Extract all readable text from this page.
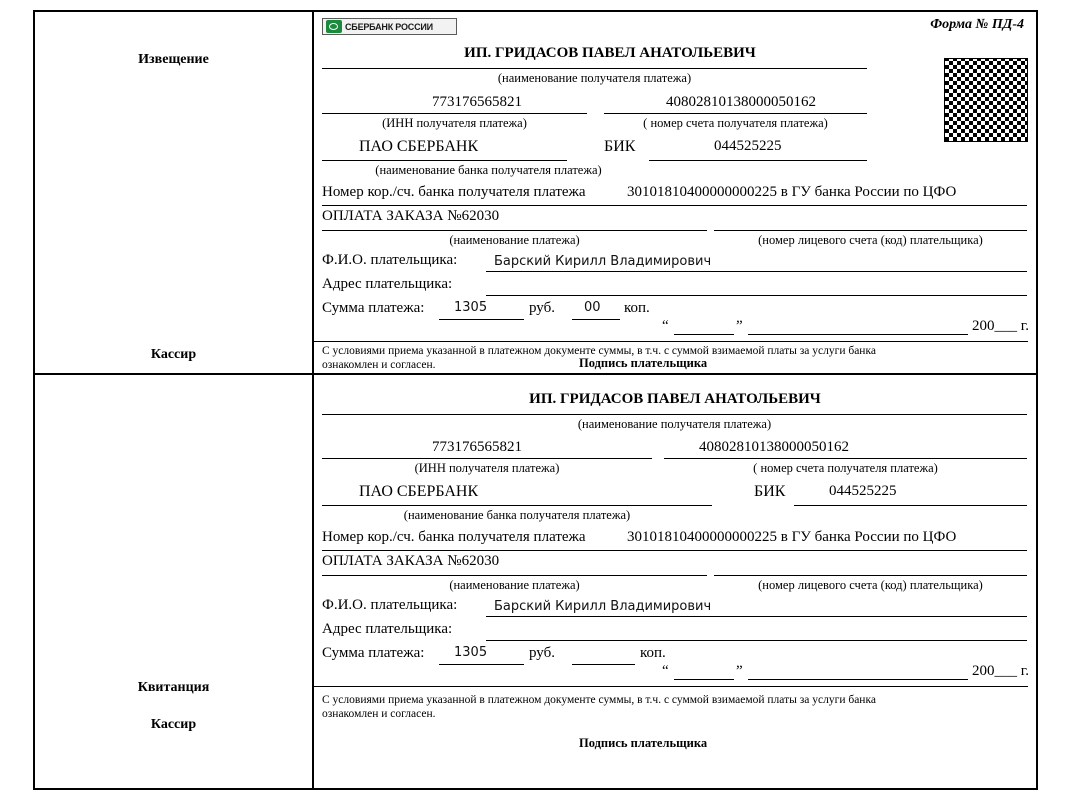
Извещение
Кассир
СБЕРБАНК РОССИИ	Форма № ПД-4
ИП. ГРИДАСОВ ПАВЕЛ АНАТОЛЬЕВИЧ
(наименование получателя платежа)
773176565821	40802810138000050162
(ИНН получателя платежа)	( номер счета получателя платежа)
ПАО СБЕРБАНК	БИК	044525225
(наименование банка получателя платежа)
Номер кор./сч. банка получателя платежа	30101810400000000225 в ГУ банка России по ЦФО
ОПЛАТА ЗАКАЗА №62030
(наименование платежа)	(номер лицевого счета (код) плательщика)
Ф.И.О. плательщика:	Барский Кирилл Владимирович
Адрес плательщика:
Сумма платежа: 1305	руб. 00 коп.
“	”	200___ г.
С условиями приема указанной в платежном документе суммы, в т.ч. с суммой взимаемой платы за услуги банка
ознакомлен и согласен.	Подпись плательщика
Квитанция
Кассир
ИП. ГРИДАСОВ ПАВЕЛ АНАТОЛЬЕВИЧ
(наименование получателя платежа)
773176565821	40802810138000050162
(ИНН получателя платежа)	( номер счета получателя платежа)
ПАО СБЕРБАНК	БИК	044525225
(наименование банка получателя платежа)
Номер кор./сч. банка получателя платежа	30101810400000000225 в ГУ банка России по ЦФО
ОПЛАТА ЗАКАЗА №62030
(наименование платежа)	(номер лицевого счета (код) плательщика)
Ф.И.О. плательщика:	Барский Кирилл Владимирович
Адрес плательщика:
Сумма платежа: 1305	руб.	коп.
“	”	200___ г.
С условиями приема указанной в платежном документе суммы, в т.ч. с суммой взимаемой платы за услуги банка
ознакомлен и согласен.
Подпись плательщика
